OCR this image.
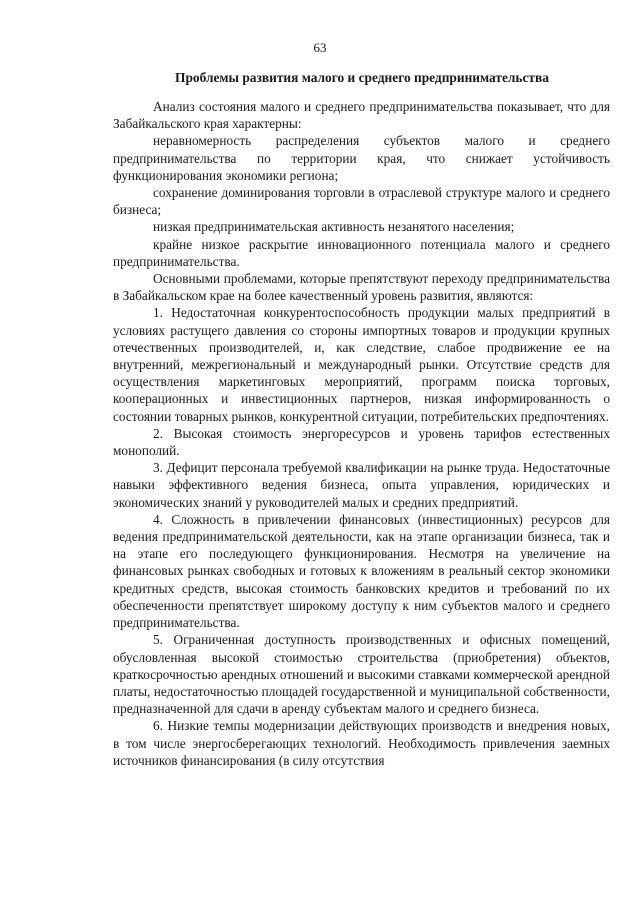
63
Проблемы развития малого и среднего предпринимательства

Анализ состояния малого и среднего предпринимательства показывает, что для Забайкальского края характерны:

неравномерность распределения субъектов малого и среднего предпринимательства по территории края, что снижает устойчивость функционирования экономики региона;

сохранение доминирования торговли в отраслевой структуре малого и среднего бизнеса;

низкая предпринимательская активность незанятого населения;

крайне низкое раскрытие инновационного потенциала малого и среднего предпринимательства.

Основными проблемами, которые препятствуют переходу предпринимательства в Забайкальском крае на более качественный уровень развития, являются:

1. Недостаточная конкурентоспособность продукции малых предприятий в условиях растущего давления со стороны импортных товаров и продукции крупных отечественных производителей, и, как следствие, слабое продвижение ее на внутренний, межрегиональный и международный рынки. Отсутствие средств для осуществления маркетинговых мероприятий, программ поиска торговых, кооперационных и инвестиционных партнеров, низкая информированность о состоянии товарных рынков, конкурентной ситуации, потребительских предпочтениях.

2. Высокая стоимость энергоресурсов и уровень тарифов естественных монополий.

3. Дефицит персонала требуемой квалификации на рынке труда. Недостаточные навыки эффективного ведения бизнеса, опыта управления, юридических и экономических знаний у руководителей малых и средних предприятий.

4. Сложность в привлечении финансовых (инвестиционных) ресурсов для ведения предпринимательской деятельности, как на этапе организации бизнеса, так и на этапе его последующего функционирования. Несмотря на увеличение на финансовых рынках свободных и готовых к вложениям в реальный сектор экономики кредитных средств, высокая стоимость банковских кредитов и требований по их обеспеченности препятствует широкому доступу к ним субъектов малого и среднего предпринимательства.

5. Ограниченная доступность производственных и офисных помещений, обусловленная высокой стоимостью строительства (приобретения) объектов, краткосрочностью арендных отношений и высокими ставками коммерческой арендной платы, недостаточностью площадей государственной и муниципальной собственности, предназначенной для сдачи в аренду субъектам малого и среднего бизнеса.

6. Низкие темпы модернизации действующих производств и внедрения новых, в том числе энергосберегающих технологий. Необходимость привлечения заемных источников финансирования (в силу отсутствия
